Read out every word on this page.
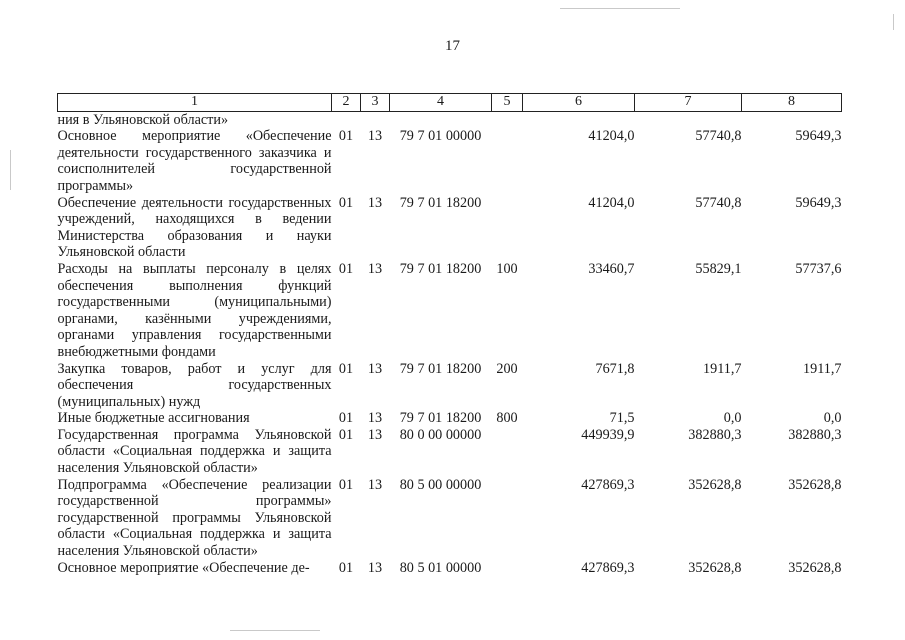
17
1	2	3	4	5	6	7	8
ния в Ульяновской области»							
Основное мероприятие «Обеспечение деятельности государственного заказчика и соисполнителей государственной программы»	01	13	79 7 01 00000		41204,0	57740,8	59649,3
Обеспечение деятельности государственных учреждений, находящихся в ведении Министерства образования и науки Ульяновской области	01	13	79 7 01 18200		41204,0	57740,8	59649,3
Расходы на выплаты персоналу в целях обеспечения выполнения функций государственными (муниципальными) органами, казёнными учреждениями, органами управления государственными внебюджетными фондами	01	13	79 7 01 18200	100	33460,7	55829,1	57737,6
Закупка товаров, работ и услуг для обеспечения государственных (муниципальных) нужд	01	13	79 7 01 18200	200	7671,8	1911,7	1911,7
Иные бюджетные ассигнования	01	13	79 7 01 18200	800	71,5	0,0	0,0
Государственная программа Ульяновской области «Социальная поддержка и защита населения Ульяновской области»	01	13	80 0 00 00000		449939,9	382880,3	382880,3
Подпрограмма «Обеспечение реализации государственной программы» государственной программы Ульяновской области «Социальная поддержка и защита населения Ульяновской области»	01	13	80 5 00 00000		427869,3	352628,8	352628,8
Основное мероприятие «Обеспечение де-	01	13	80 5 01 00000		427869,3	352628,8	352628,8
